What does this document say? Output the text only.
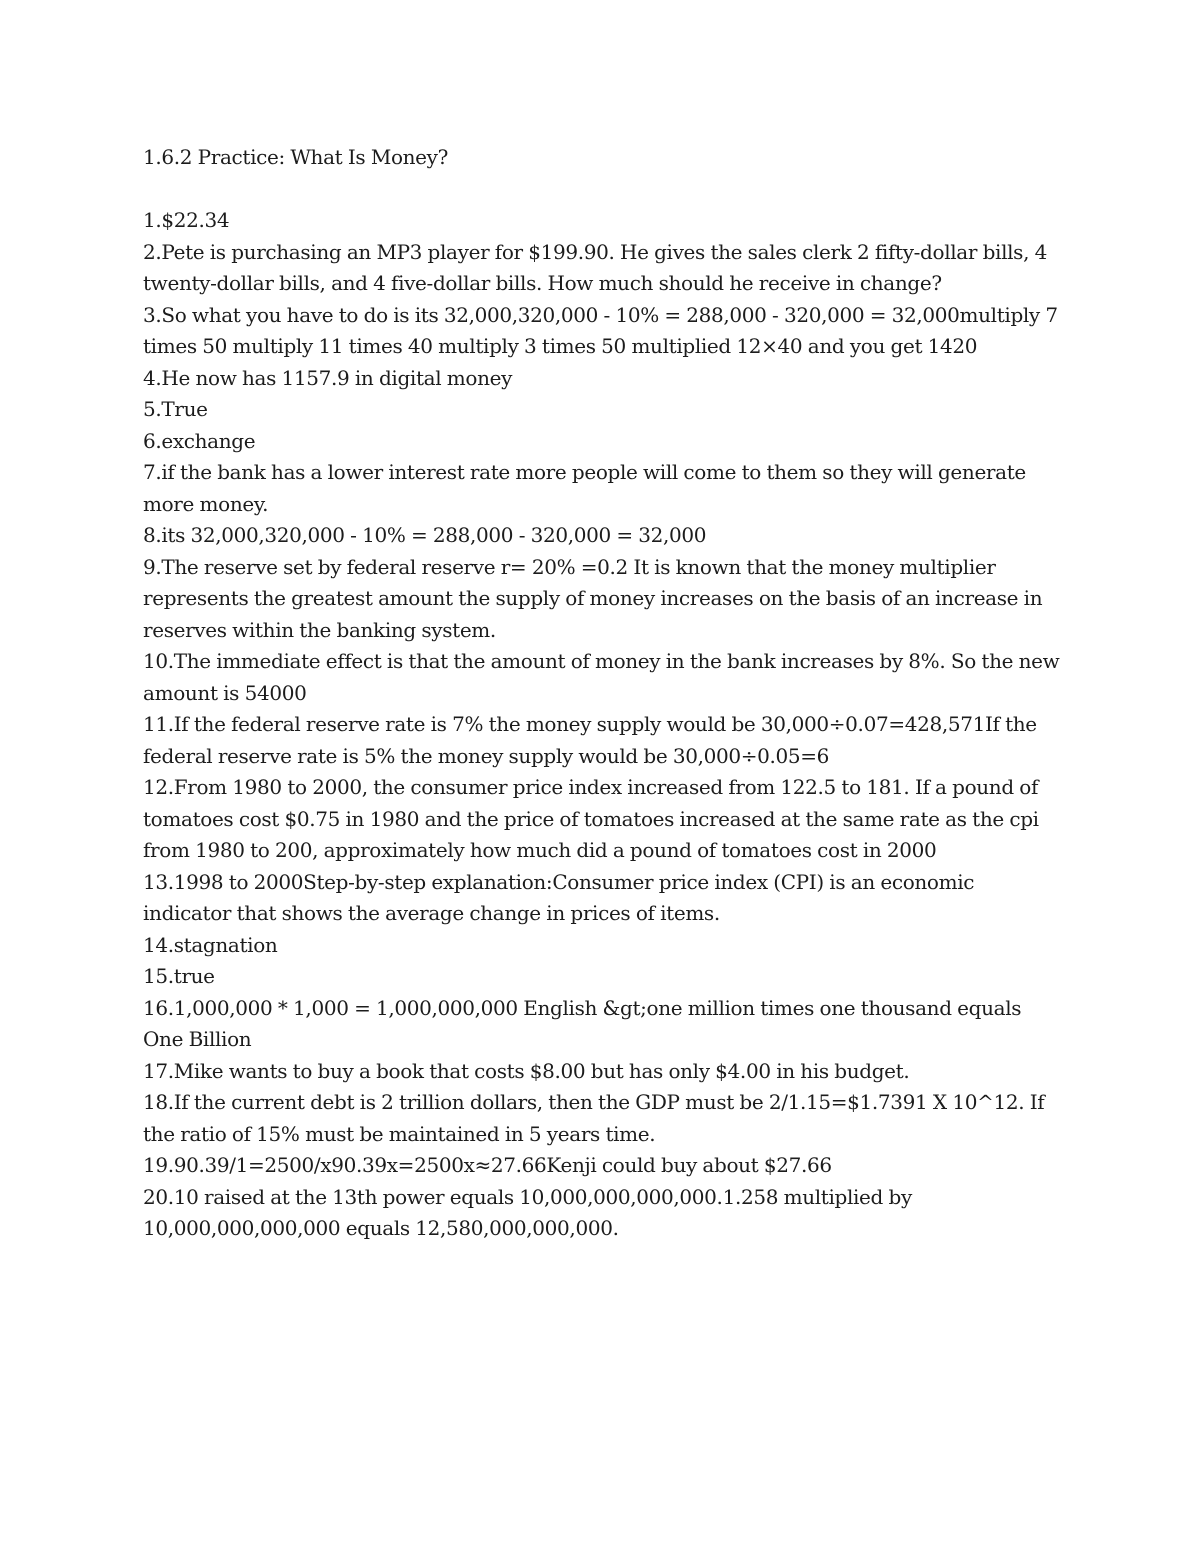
1.6.2 Practice: What Is Money?

1.$22.34

2.Pete is purchasing an MP3 player for $199.90. He gives the sales clerk 2 fifty-dollar bills, 4 twenty-dollar bills, and 4 five-dollar bills. How much should he receive in change?

3.So what you have to do is its 32,000,320,000 - 10% = 288,000 - 320,000 = 32,000multiply 7 times 50 multiply 11 times 40 multiply 3 times 50 multiplied 12×40 and you get 1420

4.He now has 1157.9 in digital money

5.True

6.exchange

7.if the bank has a lower interest rate more people will come to them so they will generate more money.

8.its 32,000,320,000 - 10% = 288,000 - 320,000 = 32,000

9.The reserve set by federal reserve r= 20% =0.2 It is known that the money multiplier represents the greatest amount the supply of money increases on the basis of an increase in reserves within the banking system.

10.The immediate effect is that the amount of money in the bank increases by 8%. So the new amount is 54000

11.If the federal reserve rate is 7% the money supply would be 30,000÷0.07=428,571If the federal reserve rate is 5% the money supply would be 30,000÷0.05=6

12.From 1980 to 2000, the consumer price index increased from 122.5 to 181. If a pound of tomatoes cost $0.75 in 1980 and the price of tomatoes increased at the same rate as the cpi from 1980 to 200, approximately how much did a pound of tomatoes cost in 2000

13.1998 to 2000Step-by-step explanation:Consumer price index (CPI) is an economic indicator that shows the average change in prices of items.

14.stagnation

15.true

16.1,000,000 * 1,000 = 1,000,000,000 English &gt;one million times one thousand equals One Billion

17.Mike wants to buy a book that costs $8.00 but has only $4.00 in his budget.

18.If the current debt is 2 trillion dollars, then the GDP must be 2/1.15=$1.7391 X 10^12. If the ratio of 15% must be maintained in 5 years time.

19.90.39/1=2500/x90.39x=2500x≈27.66Kenji could buy about $27.66

20.10 raised at the 13th power equals 10,000,000,000,000.1.258 multiplied by 10,000,000,000,000 equals 12,580,000,000,000.
